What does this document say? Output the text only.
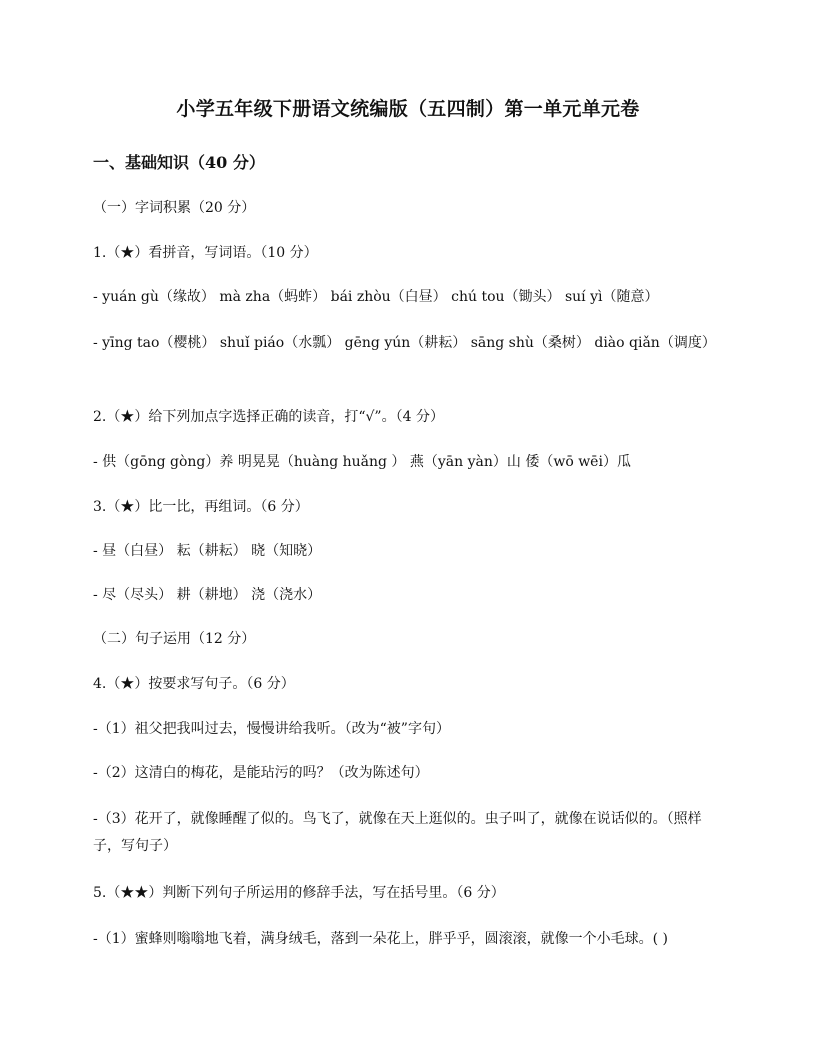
小学五年级下册语文统编版（五四制）第一单元单元卷
一、基础知识（40 分）
（一）字词积累（20 分）
1.（★）看拼音，写词语。（10 分）
- yuán gù（缘故） mà zha（蚂蚱） bái zhòu（白昼） chú tou（锄头） suí yì（随意）
- yīng tao（樱桃） shuǐ piáo（水瓢） gēng yún（耕耘） sāng shù（桑树） diào qiǎn（调度）
2.（★）给下列加点字选择正确的读音，打“√”。（4 分）
- 供（gōng gòng）养 明晃晃（huàng huǎng ） 燕（yān yàn）山 倭（wō wēi）瓜
3.（★）比一比，再组词。（6 分）
- 昼（白昼） 耘（耕耘） 晓（知晓）
- 尽（尽头） 耕（耕地） 浇（浇水）
（二）句子运用（12 分）
4.（★）按要求写句子。（6 分）
-（1）祖父把我叫过去，慢慢讲给我听。（改为“被”字句）
-（2）这清白的梅花，是能玷污的吗？（改为陈述句）
-（3）花开了，就像睡醒了似的。鸟飞了，就像在天上逛似的。虫子叫了，就像在说话似的。（照样子，写句子）
5.（★★）判断下列句子所运用的修辞手法，写在括号里。（6 分）
-（1）蜜蜂则嗡嗡地飞着，满身绒毛，落到一朵花上，胖乎乎，圆滚滚，就像一个小毛球。( )
